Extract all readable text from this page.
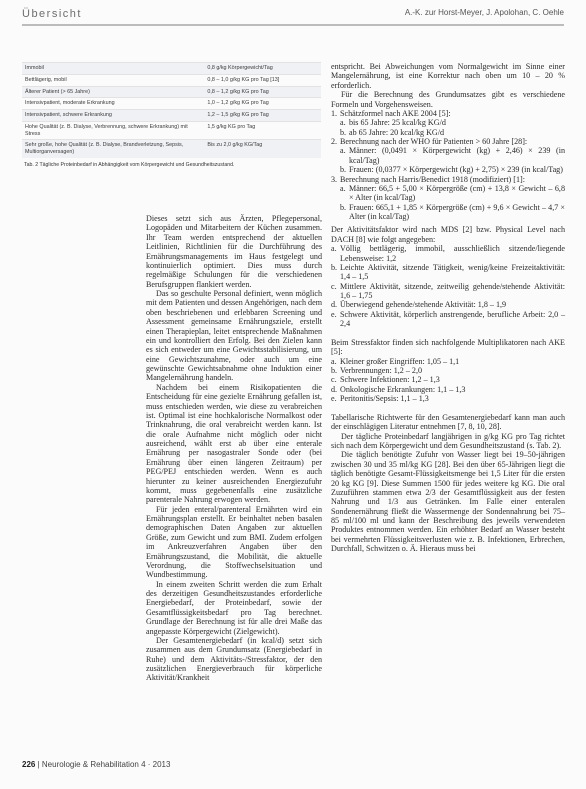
Übersicht	A.-K. zur Horst-Meyer, J. Apolohan, C. Oehle
Immobil	0,8 g/kg Körpergewicht/Tag
Bettlägerig, mobil	0,8 – 1,0 g/kg KG pro Tag [13]
Älterer Patient (> 65 Jahre)	0,8 – 1,2 g/kg KG pro Tag
Intensivpatient, moderate Erkrankung	1,0 – 1,2 g/kg KG pro Tag
Intensivpatient, schwere Erkrankung	1,2 – 1,5 g/kg KG pro Tag
Hohe Qualität (z. B. Dialyse, Verbrennung, schwere Erkrankung) mit Stress	1,5 g/kg KG pro Tag
Sehr große, hohe Qualität (z. B. Dialyse, Brandverletzung, Sepsis, Multiorganversagen)	Bis zu 2,0 g/kg KG/Tag
Tab. 2 Tägliche Proteinbedarf in Abhängigkeit vom Körpergewicht und Gesundheitszustand.

Dieses setzt sich aus Ärzten, Pflegepersonal, Logopäden und Mitarbeitern der Küchen zusammen. Ihr Team werden entsprechend der aktuellen Leitlinien, Richtlinien für die Durchführung des Ernährungsmanagements im Haus festgelegt und kontinuierlich optimiert. Dies muss durch regelmäßige Schulungen für die verschiedenen Berufsgruppen flankiert werden.

Das so geschulte Personal definiert, wenn möglich mit dem Patienten und dessen Angehörigen, nach dem oben beschriebenen und erlebbaren Screening und Assessment gemeinsame Ernährungsziele, erstellt einen Therapieplan, leitet entsprechende Maßnahmen ein und kontrolliert den Erfolg. Bei den Zielen kann es sich entweder um eine Gewichtsstabilisierung, um eine Gewichtszunahme, oder auch um eine gewünschte Gewichtsabnahme ohne Induktion einer Mangelernährung handeln.

Nachdem bei einem Risikopatienten die Entscheidung für eine gezielte Ernährung gefallen ist, muss entschieden werden, wie diese zu verabreichen ist. Optimal ist eine hochkalorische Normalkost oder Trinknahrung, die oral verabreicht werden kann. Ist die orale Aufnahme nicht möglich oder nicht ausreichend, wählt erst ab über eine enterale Ernährung per nasogastraler Sonde oder (bei Ernährung über einen längeren Zeitraum) per PEG/PEJ entschieden werden. Wenn es auch hierunter zu keiner ausreichenden Energiezufuhr kommt, muss gegebenenfalls eine zusätzliche parenterale Nahrung erwogen werden.

Für jeden enteral/parenteral Ernährten wird ein Ernährungsplan erstellt. Er beinhaltet neben basalen demographischen Daten Angaben zur aktuellen Größe, zum Gewicht und zum BMI. Zudem erfolgen im Ankreuzverfahren Angaben über den Ernährungszustand, die Mobilität, die aktuelle Verordnung, die Stoffwechselsituation und Wundbestimmung.

In einem zweiten Schritt werden die zum Erhalt des derzeitigen Gesundheitszustandes erforderliche Energiebedarf, der Proteinbedarf, sowie der Gesamtflüssigkeitsbedarf pro Tag berechnet. Grundlage der Berechnung ist für alle drei Maße das angepasste Körpergewicht (Zielgewicht).

Der Gesamtenergiebedarf (in kcal/d) setzt sich zusammen aus dem Grundumsatz (Energiebedarf in Ruhe) und dem Aktivitäts-/Stressfaktor, der den zusätzlichen Energieverbrauch für körperliche Aktivität/Krankheit

entspricht. Bei Abweichungen vom Normalgewicht im Sinne einer Mangelernährung, ist eine Korrektur nach oben um 10 – 20 % erforderlich.

Für die Berechnung des Grundumsatzes gibt es verschiedene Formeln und Vorgehensweisen.

1. Schätzformel nach AKE 2004 [5]:
a. bis 65 Jahre: 25 kcal/kg KG/d
b. ab 65 Jahre: 20 kcal/kg KG/d
2. Berechnung nach der WHO für Patienten > 60 Jahre [28]:
a. Männer: (0,0491 × Körpergewicht (kg) + 2,46) × 239 (in kcal/Tag)
b. Frauen: (0,0377 × Körpergewicht (kg) + 2,75) × 239 (in kcal/Tag)
3. Berechnung nach Harris/Benedict 1918 (modifiziert) [1]:
a. Männer: 66,5 + 5,00 × Körpergröße (cm) + 13,8 × Gewicht – 6,8 × Alter (in kcal/Tag)
b. Frauen: 665,1 + 1,85 × Körpergröße (cm) + 9,6 × Gewicht – 4,7 × Alter (in kcal/Tag)

Der Aktivitätsfaktor wird nach MDS [2] bzw. Physical Level nach DACH [8] wie folgt angegeben:

a. Völlig bettlägerig, immobil, ausschließlich sitzende/liegende Lebensweise: 1,2
b. Leichte Aktivität, sitzende Tätigkeit, wenig/keine Freizeitaktivität: 1,4 – 1,5
c. Mittlere Aktivität, sitzende, zeitweilig gehende/stehende Aktivität: 1,6 – 1,75
d. Überwiegend gehende/stehende Aktivität: 1,8 – 1,9
e. Schwere Aktivität, körperlich anstrengende, berufliche Arbeit: 2,0 – 2,4

Beim Stressfaktor finden sich nachfolgende Multiplikatoren nach AKE [5]:

a. Kleiner großer Eingriffen: 1,05 – 1,1
b. Verbrennungen: 1,2 – 2,0
c. Schwere Infektionen: 1,2 – 1,3
d. Onkologische Erkrankungen: 1,1 – 1,3
e. Peritonitis/Sepsis: 1,1 – 1,3

Tabellarische Richtwerte für den Gesamtenergiebedarf kann man auch der einschlägigen Literatur entnehmen [7, 8, 10, 28].

Der tägliche Proteinbedarf langjährigen in g/kg KG pro Tag richtet sich nach dem Körpergewicht und dem Gesundheitszustand (s. Tab. 2).

Die täglich benötigte Zufuhr von Wasser liegt bei 19–50-jährigen zwischen 30 und 35 ml/kg KG [28]. Bei den über 65-Jährigen liegt die täglich benötigte Gesamt-Flüssigkeitsmenge bei 1,5 Liter für die ersten 20 kg KG [9]. Diese Summen 1500 für jedes weitere kg KG. Die oral Zuzuführen stammen etwa 2/3 der Gesamtflüssigkeit aus der festen Nahrung und 1/3 aus Getränken. Im Falle einer enteralen Sondenernährung fließt die Wassermenge der Sondennahrung bei 75–85 ml/100 ml und kann der Beschreibung des jeweils verwendeten Produktes entnommen werden. Ein erhöhter Bedarf an Wasser besteht bei vermehrten Flüssigkeitsverlusten wie z. B. Infektionen, Erbrechen, Durchfall, Schwitzen o. Ä. Hieraus muss bei

226 | Neurologie & Rehabilitation 4 · 2013
